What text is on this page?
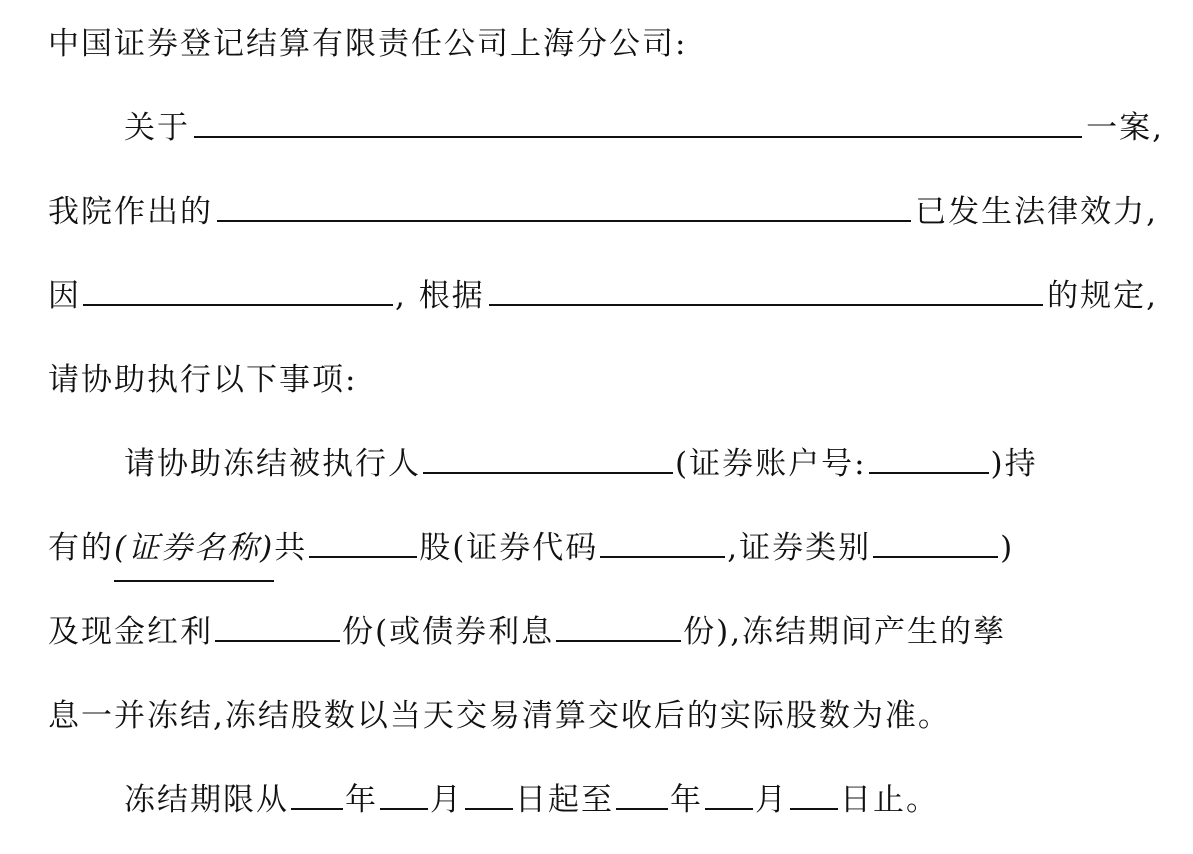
中国证券登记结算有限责任公司上海分公司:
关于	一案,
我院作出的	已发生法律效力,
因	, 根据	的规定,
请协助执行以下事项:
请协助冻结被执行人	(证券账户号:	)持
有的 (证券名称) 共	股(证券代码	,证券类别	)
及现金红利	份(或债券利息	份),冻结期间产生的孳
息一并冻结,冻结股数以当天交易清算交收后的实际股数为准。
冻结期限从 年 月 日起至 年 月 日止。
